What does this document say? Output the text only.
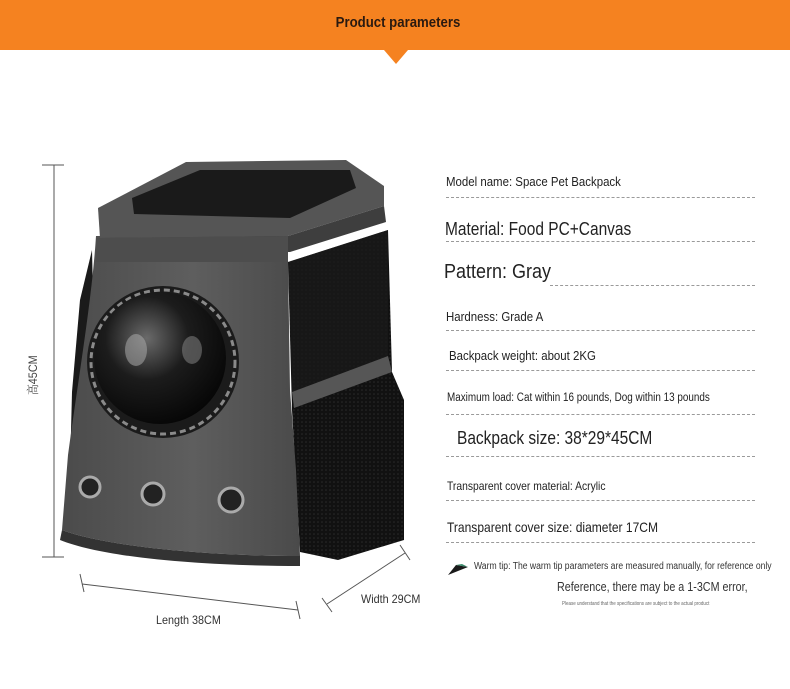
Product parameters
高45CM
Length 38CM
Width 29CM
Model name: Space Pet Backpack
Material: Food PC+Canvas
Pattern: Gray
Hardness: Grade A
Backpack weight: about 2KG
Maximum load: Cat within 16 pounds, Dog within 13 pounds
Backpack size: 38*29*45CM
Transparent cover material: Acrylic
Transparent cover size: diameter 17CM
Warm tip: The warm tip parameters are measured manually, for reference only
Reference, there may be a 1-3CM error,
Please understand that the specifications are subject to the actual product
